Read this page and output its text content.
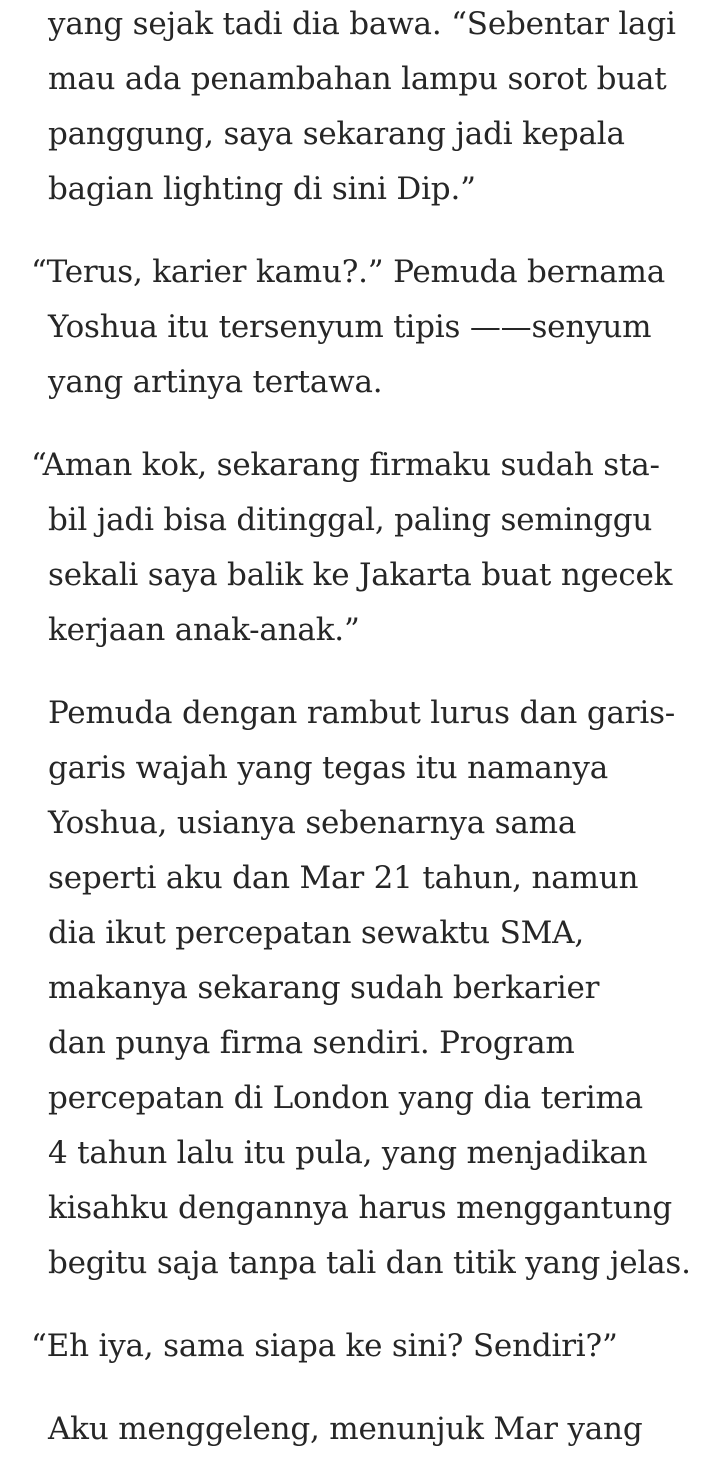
yang sejak tadi dia bawa. “Sebentar lagi
mau ada penambahan lampu sorot buat
panggung, saya sekarang jadi kepala
bagian lighting di sini Dip.”
“Terus, karier kamu?.” Pemuda bernama
Yoshua itu tersenyum tipis ——senyum
yang artinya tertawa.
“Aman kok, sekarang firmaku sudah sta-
bil jadi bisa ditinggal, paling seminggu
sekali saya balik ke Jakarta buat ngecek
kerjaan anak-anak.”
Pemuda dengan rambut lurus dan garis-
garis wajah yang tegas itu namanya
Yoshua, usianya sebenarnya sama
seperti aku dan Mar 21 tahun, namun
dia ikut percepatan sewaktu SMA,
makanya sekarang sudah berkarier
dan punya firma sendiri. Program
percepatan di London yang dia terima
4 tahun lalu itu pula, yang menjadikan
kisahku dengannya harus menggantung
begitu saja tanpa tali dan titik yang jelas.
“Eh iya, sama siapa ke sini? Sendiri?”
Aku menggeleng, menunjuk Mar yang
